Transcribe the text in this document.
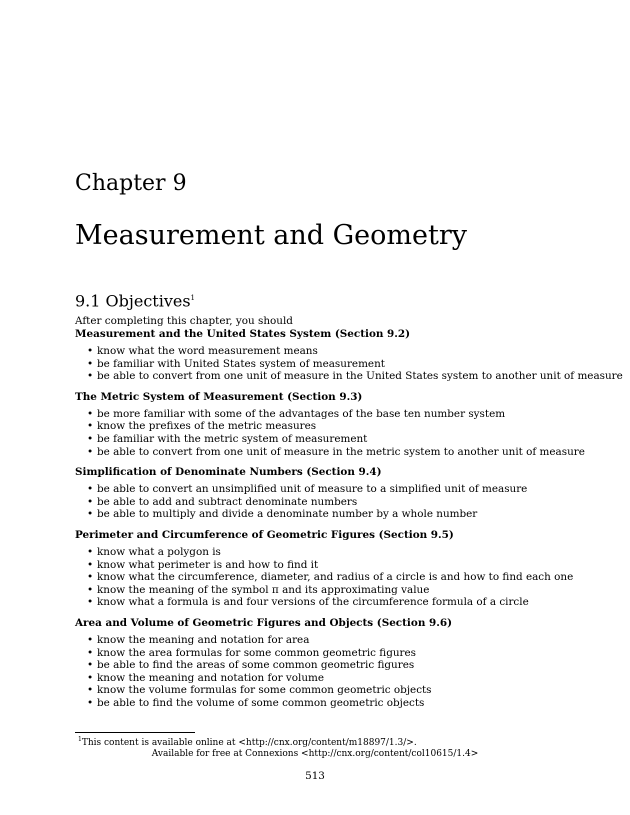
Chapter 9
Measurement and Geometry
9.1 Objectives$^1$

After completing this chapter, you should

Measurement and the United States System (Section 9.2)

• know what the word measurement means
• be familiar with United States system of measurement
• be able to convert from one unit of measure in the United States system to another unit of measure

The Metric System of Measurement (Section 9.3)

• be more familiar with some of the advantages of the base ten number system
• know the prefixes of the metric measures
• be familiar with the metric system of measurement
• be able to convert from one unit of measure in the metric system to another unit of measure

Simplification of Denominate Numbers (Section 9.4)

• be able to convert an unsimplified unit of measure to a simplified unit of measure
• be able to add and subtract denominate numbers
• be able to multiply and divide a denominate number by a whole number

Perimeter and Circumference of Geometric Figures (Section 9.5)

• know what a polygon is
• know what perimeter is and how to find it
• know what the circumference, diameter, and radius of a circle is and how to find each one
• know the meaning of the symbol π and its approximating value
• know what a formula is and four versions of the circumference formula of a circle

Area and Volume of Geometric Figures and Objects (Section 9.6)

• know the meaning and notation for area
• know the area formulas for some common geometric figures
• be able to find the areas of some common geometric figures
• know the meaning and notation for volume
• know the volume formulas for some common geometric objects
• be able to find the volume of some common geometric objects
$^1$This content is available online at <http://cnx.org/content/m18897/1.3/>.
Available for free at Connexions <http://cnx.org/content/col10615/1.4>
513
